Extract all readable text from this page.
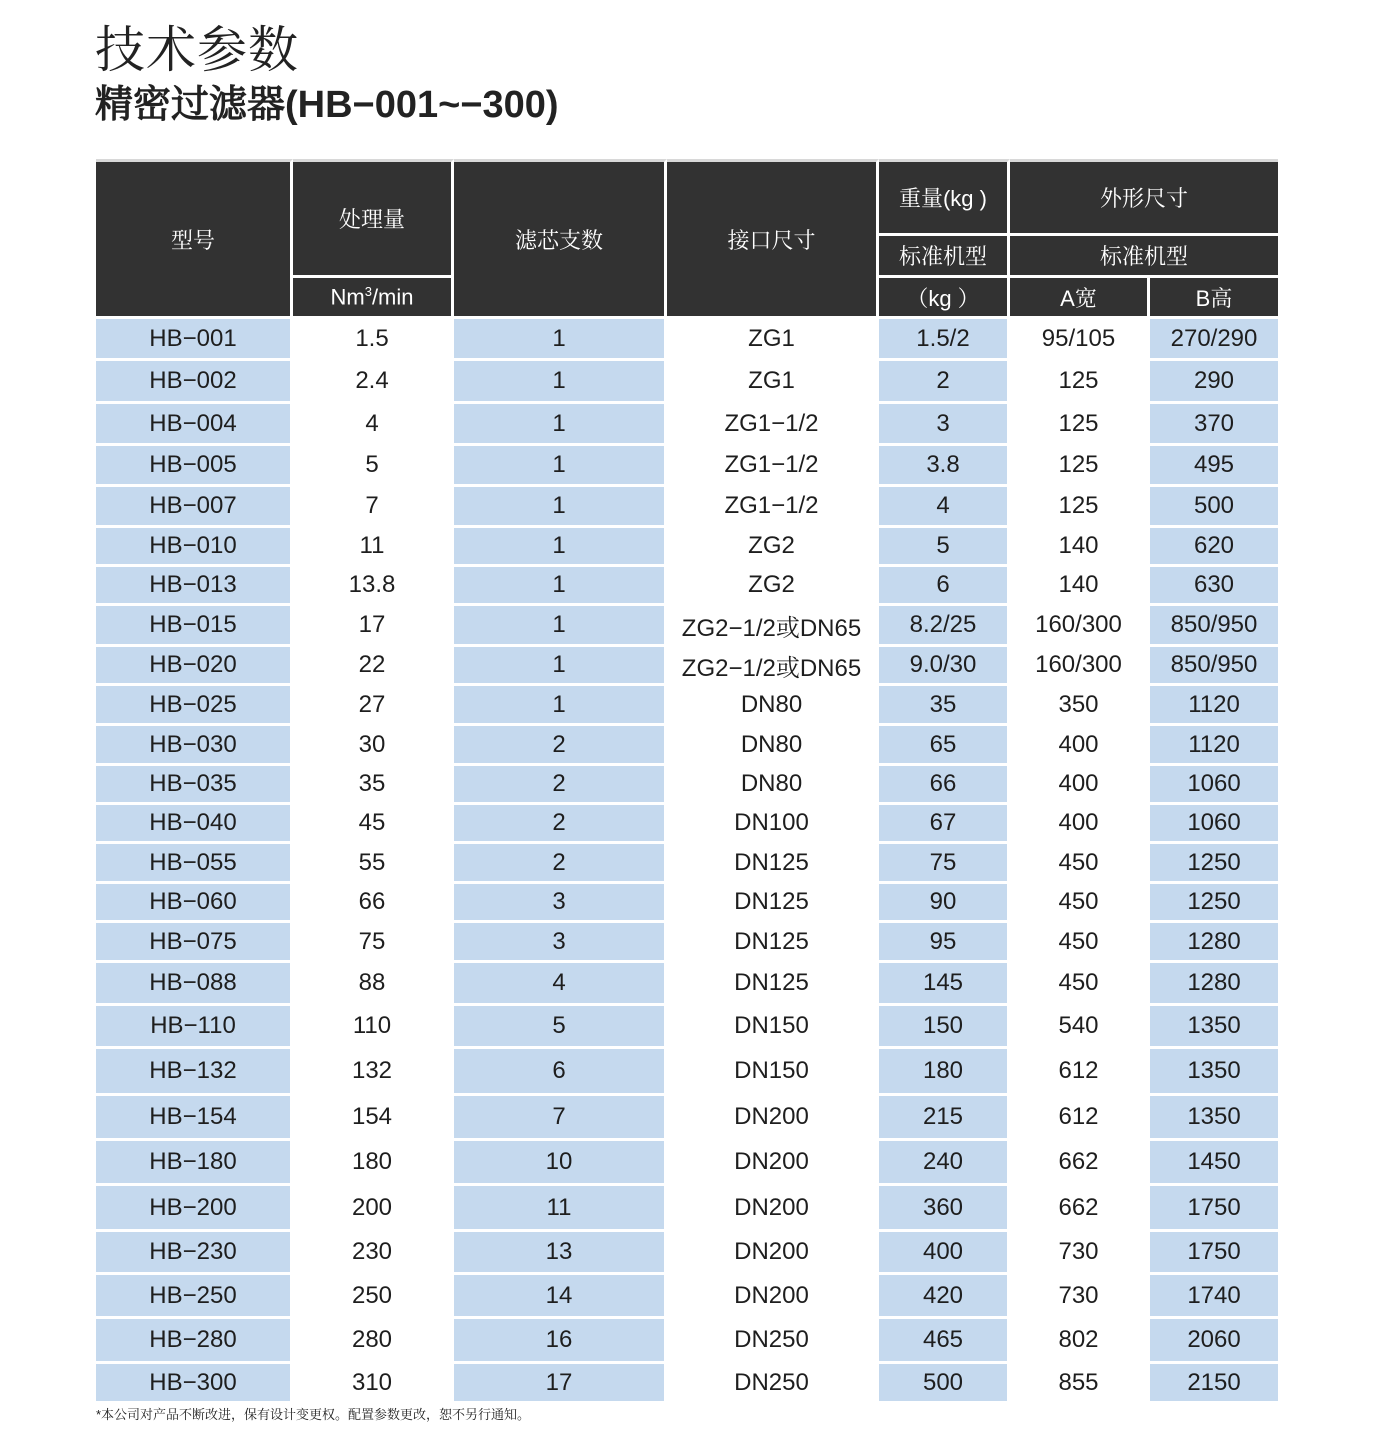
技术参数
精密过滤器(HB−001~−300)
型号	处理量	滤芯支数	接口尺寸	重量(kg )	外形尺寸	
				标准机型	标准机型	
	Nm$^3$/min			（kg ）	A宽	B高
HB−001	1.5	1	ZG1	1.5/2	95/105	270/290
HB−002	2.4	1	ZG1	2	125	290
HB−004	4	1	ZG1−1/2	3	125	370
HB−005	5	1	ZG1−1/2	3.8	125	495
HB−007	7	1	ZG1−1/2	4	125	500
HB−010	11	1	ZG2	5	140	620
HB−013	13.8	1	ZG2	6	140	630
HB−015	17	1	ZG2−1/2或DN65	8.2/25	160/300	850/950
HB−020	22	1	ZG2−1/2或DN65	9.0/30	160/300	850/950
HB−025	27	1	DN80	35	350	1120
HB−030	30	2	DN80	65	400	1120
HB−035	35	2	DN80	66	400	1060
HB−040	45	2	DN100	67	400	1060
HB−055	55	2	DN125	75	450	1250
HB−060	66	3	DN125	90	450	1250
HB−075	75	3	DN125	95	450	1280
HB−088	88	4	DN125	145	450	1280
HB−110	110	5	DN150	150	540	1350
HB−132	132	6	DN150	180	612	1350
HB−154	154	7	DN200	215	612	1350
HB−180	180	10	DN200	240	662	1450
HB−200	200	11	DN200	360	662	1750
HB−230	230	13	DN200	400	730	1750
HB−250	250	14	DN200	420	730	1740
HB−280	280	16	DN250	465	802	2060
HB−300	310	17	DN250	500	855	2150

*本公司对产品不断改进，保有设计变更权。配置参数更改，恕不另行通知。
